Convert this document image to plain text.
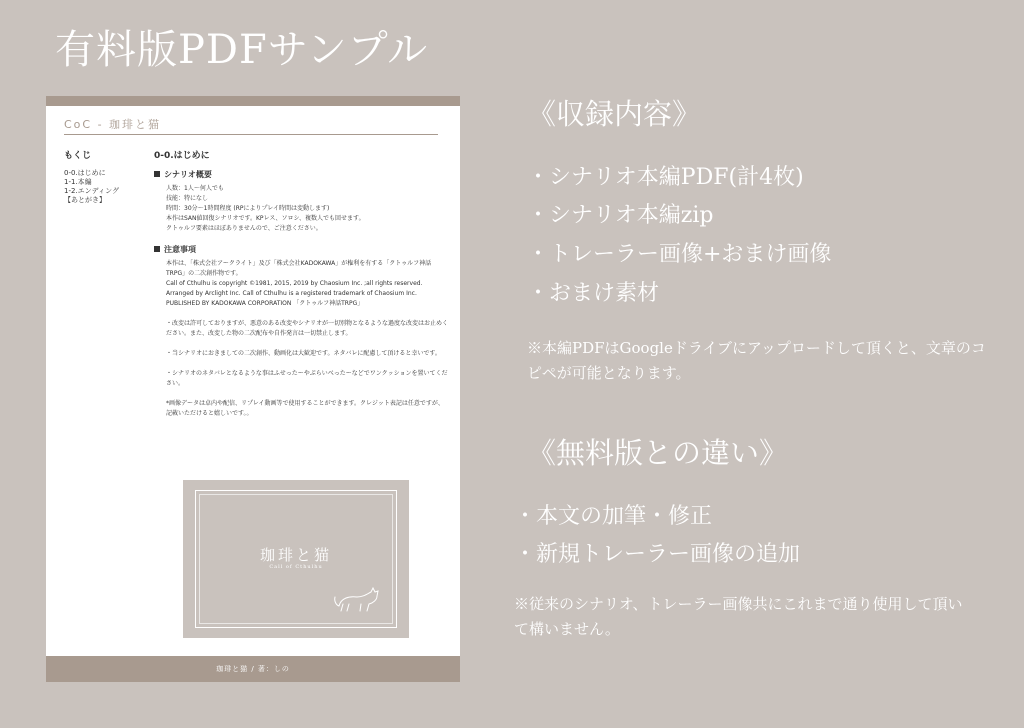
有料版PDFサンプル
CoC - 珈琲と猫
もくじ
0-0.はじめに
1-1.本編
1-2.エンディング
【あとがき】
0-0.はじめに
シナリオ概要
人数：1人〜何人でも
技能：特になし
時間：30分〜1時間程度 (RPによりプレイ時間は変動します)
本作はSAN値回復シナリオです。KPレス、ソロシ、複数人でも回せます。
クトゥルフ要素はほぼありませんので、ご注意ください。
注意事項
本作は、「株式会社アークライト」及び「株式会社KADOKAWA」が権利を有する「クトゥルフ神話TRPG」の二次創作物です。
Call of Cthulhu is copyright ©1981, 2015, 2019 by Chaosium Inc. ;all rights reserved. Arranged by Arclight Inc. Call of Cthulhu is a registered trademark of Chaosium Inc. PUBLISHED BY KADOKAWA CORPORATION 「クトゥルフ神話TRPG」
・改変は許可しておりますが、悪意のある改変やシナリオが一切別物となるような過度な改変はお止めください。また、改変した物の二次配布や自作発言は一切禁止します。
・当シナリオにおきましての二次創作、動画化は大歓迎です。ネタバレに配慮して頂けると幸いです。
・シナリオのネタバレとなるような事はふせったーやぷらいべったーなどでワンクッションを置いてください。
*画像データは卓内や配信、リプレイ動画等で使用することができます。クレジット表記は任意ですが、記載いただけると嬉しいです。。
珈琲と猫
Call of Cthulhu
珈琲と猫 / 著：しの
《収録内容》
・シナリオ本編PDF(計4枚)
・シナリオ本編zip
・トレーラー画像+おまけ画像
・おまけ素材
※本編PDFはGoogleドライブにアップロードして頂くと、文章のコピペが可能となります。
《無料版との違い》
・本文の加筆・修正
・新規トレーラー画像の追加
※従来のシナリオ、トレーラー画像共にこれまで通り使用して頂いて構いません。
